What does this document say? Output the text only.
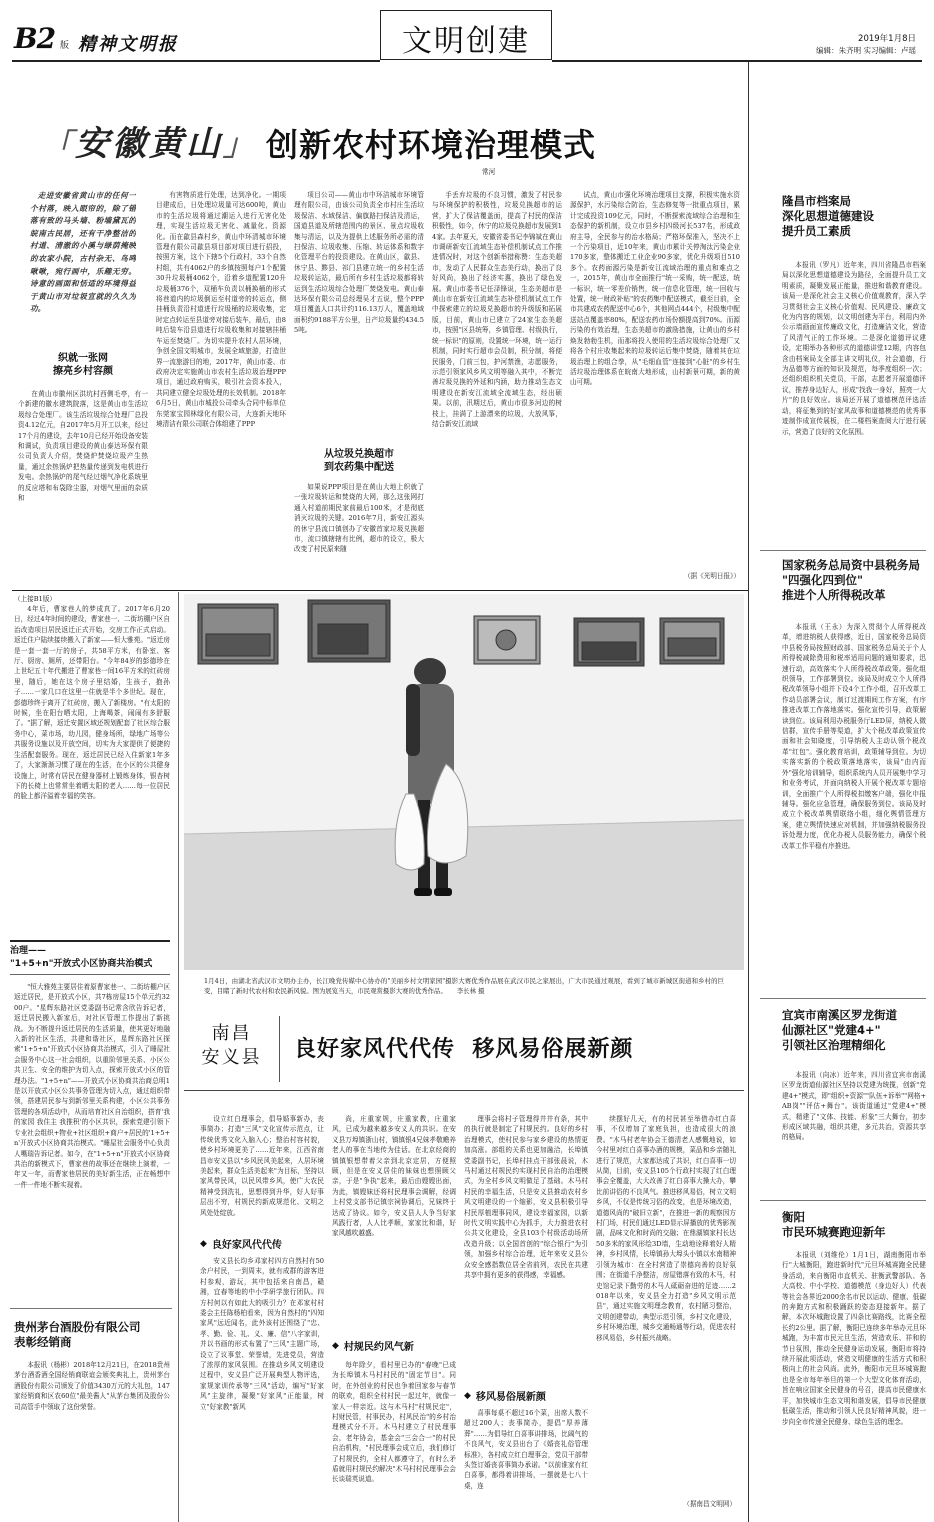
B2 版 精神文明报	文明创建	2019年1月8日
编辑：朱齐明 实习编辑：卢瑶
「安徽黄山」 创新农村环境治理模式
常河

走进安徽省黄山市的任何一个村落，映入眼帘的，除了错落有致的马头墙、粉墙黛瓦的皖南古民居，还有干净整洁的村道、清澈的小溪与绿荫掩映的农家小院，古村杂无、鸟鸣啾啾，宛行画中，乐趣无穷。诗意的画面和恬适的环境得益于黄山市对垃圾宣就的久久为功。

织就一张网
擦亮乡村容颜

在黄山市徽州区洪坑村西侧毛亭，有一个新建的徽水建筑院落，这是黄山市生活垃圾综合处理厂。该生活垃圾综合处理厂总投资4.12亿元，自2017年5月开工以来，经过17个月的建设，去年10月已经开始设备安装和调试，负责项目建设的黄山泰达环保有限公司负责人介绍，焚烧炉焚烧垃圾产生热量，通过余热锅炉把热量传递到发电机进行发电。余热锅炉的尾气经过烟气净化系统里的反应塔和布袋除尘器，对烟气里面的杂质和

有害物质进行处理，达到净化。一期项目建成后，日处理垃圾量可达600吨，黄山市的生活垃圾将通过潮运入进行无害化处理，实现生活垃圾无害化、减量化、资源化。而在歙县森村乡，黄山中环清城市环境管理有限公司歙县项目部对项目进行招投，按照方案，这个下辖5个行政村，33个自然村组，共有4062户的乡镇按照每户1个配置30升垃圾桶4062个，沿着乡道配置120升垃圾桶376个，双桶车负责以桶换桶的形式将巷道内的垃圾倒运至村道旁的转运点，侧挂桶负责沿村道进行垃圾桶的垃圾收集，定时定点转运至县道旁对接后装车，最后，由8吨后装车沿县道进行垃圾收集和对接辖挂桶车运至焚烧厂。为切实提升农村人居环境，争创全国文明城市，发展全域旅游，打造世界一流旅游目的地，2017年，黄山市委、市政府决定实施黄山市农村生活垃圾治理PPP项目，通过政府购买，吸引社会资本投入，共同建立健全垃圾处理的长效机制。2018年6月5日，黄山市城投公司牵头合同中标单位东莞家宝园林绿化有限公司，大连新天地环境清洁有限公司联合体组建了PPP

项目公司——黄山市中环洁城市环境管理有限公司，由该公司负责全市村庄生活垃圾保洁、水域保洁、偏旗路扫保洁及清运，国道县道及所辖范围内的景区、景点垃圾收集与清运，以及为提供上述服务所必需的清扫保洁、垃圾收集、压缩、转运体系和数字化管理平台的投资建设。在黄山区，歙县、休宁县、黟县、祁门县建立统一的乡村生活垃圾转运站，最后所有乡村生活垃圾都将转运到生活垃圾综合处理厂焚烧发电。黄山泰达环保有限公司总经理吴才五说，整个PPP项目覆盖人口共计约116.13万人，覆盖地域面积约9188平方公里，日产垃圾量约434.55吨。

从垃圾兑换超市
到农药集中配送

如果说PPP项目是在黄山大地上织就了一张垃圾转运和焚烧的大网，那么这张网打通入村道前期民家前最后100米，才是彻底消灭垃圾的关键。2016年7月，新安江源头的休宁县流口镇创办了安徽首家垃圾兑换超市，流口镇辖辖有比例，超市的设立，极大改变了村民原来随

手丢弃垃圾的不良习惯，激发了村民参与环境保护的积极性，垃圾兑换超市的运营，扩大了保洁覆盖面，提高了村民的保洁积极性，如今，休宁的垃圾兑换超市发展到14家。去年夏天，安徽省委书记李锦斌在黄山市调研新安江流域生态补偿机制试点工作推进情况时，对这个创新举措称赞：生态美超市，发动了人民群众生态美行动，换出了良好风尚，换出了经济实惠，换出了绿色发展。黄山市委书记任泽锋说，生态美超市是黄山市在新安江流域生态补偿机制试点工作中探索建立的垃圾兑换超市的升级版和拓展版，目前，黄山市已建立了24家生态美超市，按照"区县统筹，乡镇管理、村级执行，统一标识"的原则，设置统一环境，统一运行机制，同时实行超市会员制，积分制，将便民服务，门前三包，护河禁渔，志愿服务，示范引领家风乡风文明等融入其中，不断完善垃圾兑换的外延和内涵，助力推动生态文明建设在新安江流域全流域生态，经出硕果。以前，汛期过后，黄山市很多河边的树枝上，挂满了上游漂来的垃圾，大放风筝，结合新安江流域

试点，黄山市强化环境治理项目支撑，积极实施水资源保护，水污染综合防治，生态修复等一批重点项目，累计完成投资109亿元，同时，不断探索流域综合治理和生态保护的新机制，设立市县乡村四级河长537名，形成政府主导，全民参与的治水格局；严格环保准入，坚决不上一个污染项目，近10年来，黄山市累计关停淘汰污染企业170多家，整体搬迁工业企业90多家，优化升级项目510多个。农药面源污染是新安江流域治理的重点和难点之一，2015年，黄山市全面推行"统一采购，统一配送，统一标识，统一零差价销售，统一信息化管理，统一回收与处置，统一财政补贴"的农药集中配送模式，截至目前，全市共建成农药配送中心6个，其他网点444个，村级集中配送站点覆盖率80%，配送农药市场份额提高到70%。而源污染的有效治理，生态美超市的激励措施，让黄山的乡村焕发勃勃生机，而那将投入使用的生活垃圾综合处理厂又将各个村庄收集起来的垃圾转运后集中焚烧，随着其在垃圾治理上的组合拳，从"毛细血管"连接到"心脏"的乡村生活垃圾治理体系在皖南大地形成，山村新景可期，新的黄山可期。

（据《光明日报》）
隆昌市档案局
深化思想道德建设
提升员工素质

本报讯（罗凡）近年来，四川省隆昌市档案局以深化思想道德建设为路径，全面提升员工文明素质，凝聚发展正能量，推进和谐教育建设。该局一是深化社会主义核心价值观教育，深入学习贯彻社会主义核心价值观、民风建设、廉政文化为内容的规划，以文明创建为平台，利用内外公示墙画面宣传廉政文化，打造廉洁文化，营造了风清气正的工作环境。二是深化道德评议建设，定期举办各种形式的道德讲堂12期，内容包含由档案局支全部主讲文明礼仪，社会道德，行为品德等方面的知识及规范，每季度组织一次；还组织组织机关党员，干部，志愿者开展道德评议，推荐身边好人，形成"找我一身好，照亮一大片"的良好效应。该局还开展了道德模范评选活动，将征集到的好家风故事和道德模范的优秀事迹制作成宣传展板，在二楼档案查阅大厅进行展示，营造了良好的文化氛围。

国家税务总局资中县税务局
"四强化四到位"
推进个人所得税改革

本报讯（王永）为深入贯彻个人所得税改革，增进纳税人获得感，近日，国家税务总局资中县税务局按照财政部、国家税务总局关于个人所得税减除费用和税率适用问题的通知要求，迅速行动，高效落实个人所得税改革政策。强化组织领导，工作部署到位。该局及时成立个人所得税改革领导小组并下设4个工作小组，召开改革工作动员部署会议，制订过渡期间工作方案，有序推进改革工作落地落实。强化宣传引导，政策解读到位。该局利用办税服务厅LED屏，纳税人微信群，宣传手册等渠道，扩大个税改革政策宣传面和社会知晓度，引导纳税人主动认领个税改革"红包"。强化教育培训，政策辅导到位。为切实落实新的个税政策落地落实，该局"由内而外"强化培训辅导，组织系统内人员开展集中学习和业务考试，并面向纳税人开展个税改革专题培训，全面推广个人所得税扣缴客户端，强化申报辅导。强化应急管理，确保服务到位。该局及时成立个税改革舆情联络小组，细化舆情管理方案，建立舆情快速应对机制，并加强纳税服务投诉处理力度，优化办税人员服务能力，确保个税改革工作平稳有序推进。

宜宾市南溪区罗龙街道
仙源社区"党建4+"
引领社区治理精细化

本报讯（向冰）近年来，四川省宜宾市南溪区罗龙街道仙源社区坚持以党建为统揽，创新"党建4+"模式，即"组织+资源""队伍+诉举""网格+AB岗""评估+舞台"。该街道通过"党建4+"模式，精建了"文体、技能、形象"三大舞台，初步形成区域共融，组织共建，多元共治，资源共享的格局。

衡阳
市民环城赛跑迎新年

本报讯（刘维伦）1月1日，湖南衡阳市举行"大城衡阳，跑进新时代"元旦环城赛跑全民健身活动，来自衡阳市直机关、驻衡武警部队、各大高校、中小学校、道德模范（身边好人）代表等社会各界近2000余名市民以运动、健康、低碳的奔跑方式和积极踊跃的姿态迎接新年。据了解，本次环城跑设置了四条比赛路线，比赛全程长约2公里。据了解，衡阳已连续多年举办元旦环城跑，为丰富市民元旦生活，营造欢乐、祥和的节日氛围，推动全民健身运动发展，衡阳市将持续开展此项活动，营造文明健康的生活方式和积极向上的社会风尚。此外，衡阳市元旦环城赛跑也是全市每年举旦的第一个大型文化体育活动，旨在响应国家全民健身的号召，提高市民健康水平，加快城市生态文明和谐发展，倡导市民健康低碳生活，推动和引领人民良好精神风貌，进一步向全市传递全民健身、绿色生活的理念。

（上接B1版）

4年后，曹家巷人的梦成真了。2017年6月20日，经过4年时间的建设，曹家巷一、二街坊棚户区自治改造项目居民返迁正式开始，交房工作正式启动。返迁住户陆续接续搬入了新家——恒大雅苑。"返迁房是一套一套一厅的房子，共58平方米，有卧室、客厅、厨房、厕所，还带阳台。"今年84岁的彭德珍在上世纪五十年代搬进了曹家巷一间16平方米的红砖房里，随后，她在这个房子里结婚，生孩子，抱孙子……一家几口在这里一住就是半个多世纪。现在，彭德珍终于离开了红砖房，搬入了新楼房。"有太阳的时候，坐在阳台晒太阳，上海喝茶，闹闹有多舒服了。"据了解，返迁安置区域还规划配套了社区综合服务中心，菜市场，幼儿园，健身场所，绿地广场等公共服务设施以及开放空间，切实为大家提供了便捷的生活配套服务。现在，返迁居民已经入住新家1年多了，大家渐渐习惯了现在的生活，在小区的公共健身设施上，时常有居民在健身器材上锻炼身体，银杏树下的长椅上也常常坐着晒太阳的老人……每一位居民的脸上都洋溢着幸福的笑容。

治理——
"1+5+n"开放式小区协商共治模式

"恒大雅苑主要居住着原曹家巷一、二街坊棚户区返迁居民，是开放式小区，共7栋房屋15个单元约3200户。"星辉东路社区党委副书记常含欣告诉记者，返迁居民搬入新家后，对社区管理工作提出了新挑战。为不断提升返迁居民的生活质量，使其更好地融入新的社区生活，共建和谐社区，星辉东路社区探索"1+5+n"开放式小区协商共治模式，引入了睡屋社会服务中心这一社会组织，以重阶邻里关系、小区公共卫生、安全的维护为切入点，探索开放式小区的管理办法。"1+5+n"——开放式小区协商共治商总明1是以开放式小区公共事务管理为切入点，通过组织带领，搭建居民参与到新邻里关系构建，小区公共事务管理的各项活动中，从而培育社区自治组织，搭育'我的家园 我住主 我推积'的小区共识，探索党建引领下专业社会组织+物业+社区组织+商户+居民的'1+5+n'开放式小区协商共治模式。"睡屋社会服务中心负责人嘴瑞告诉记者。如今，在"1+5+n"开放式小区协商共治的新模式下，曹家巷的故事还在继续上演着，一年又一年，而曹家巷居民的美好新生活，正在畅想中一件一件地不断实现着。

贵州茅台酒股份有限公司
表彰经销商

本报讯（杨彬）2018年12月21日，在2018贵州茅台酒香酒全国经销商联谊会颁奖典礼上，贵州茅台酒股份有限公司颁发了价值3430万元的大礼包，147家经销商和区农60位"最美酱人"从茅台集团及股份公司高管手中领取了这份荣誉。

1月4日，由湖北省武汉市文明办主办，长江晚党传媒中心协办的"美丽乡村文明家园"摄影大赛优秀作品展在武汉市民之家展出，广大市民通过观展，看到了城市新城区街道和乡村的巨变，目睹了新时代农村和农民新风貌。图为展览当天，市民观赏摄影大赛的优秀作品。 李长林 摄
南昌
安义县	良好家风代代传  移风易俗展新颜

设立红白理事会，倡导婚事新办，丧事简办；打造"三风"文化宣传示范点，让传统优秀文化入脑入心；整治村容村貌，使乡村环境更美了……近年来，江西省南昌市安义县以"乡风民风美起来，人居环境美起来，群众生活美起来"为目标，坚持以家风带民风，以民风带乡风，使广大农民精神受到洗礼，思想得到升华，好人好事层出不穷，村规民约新成规范化、文明之风处处绽放。

◆ 良好家风代代传

安义县长均乡邓家村四方自然村有50余户村民，一到周末，就有成群的游客进村参观，游玩，其中包括来自南昌，赣湘，宜春等地的中小学研学旅行团队。四方村何以有如此大的吸引力？在邓家村村委会主任陈杨柏看来，因为自然村的"四知家风"远近闻名，此外该村还围绕了"忠、孝、勤、俭、礼、义、廉、信"八字家训，并以书画的形式布置了"三风"主题广场，设立了议事堂、荣誉墙，先进党员，营造了浓厚的家风氛围。在推动乡风文明建设过程中，安义县广泛开展典型人物评选，家规家训传承等"三风"活动，编写"好家风"主旋律，凝聚"好家风"正能量，树立"好家教"新风

尚，庄重家规，庄重家教，庄重家风，已成为越来越多安义人的共识。在安义县万埠镇浙山村，镇镇银4兄妹孝敬赡养老人的事在当地传为佳话。在北京经商的镇镇银想带着父亲到北京定居，方便照顾，但是在安义居住的妹妹也想照顾父亲，于是"争执"起来，最后由嫂嫂出面，为此，镇嫂妹还将村民理事会调解，经调上村党支部书记镇宗祠协调后，兄妹终于达成了协议。如今，安义县人人争当好家风践行者，人人比孝顺，家家比和谐，好家风越吹越盛。

◆ 村规民约风气新

每年除夕，看村里已办的"春晚"已成为长埠镇木马村村民的"固定节目"。同时，在外创业的村民也争着回家参与春节的联欢，组织全村村民一起过年，就像一家人一样亲近。这与木马村"村规民定"，村财民管，村事民办，村风民治"的乡村治理模式分不开。木马村建立了村民理事会，老年协会，基金会"三会合一"的村民自治机构，"村民理事会成立后，我们修订了村规民约，全村人都遵守了，有时么矛盾就用村规民约解决"木马村村民理事会会长谈瑞英说道。

理事会将村子管理得井井有条，其中的执行就是制定了村规民约。良好的乡村治理模式，使村民参与家乡建设的热情更加高涨。部组的关系也更加融洽，长埠镇党委副书记，长埠村挂点干部张晨说，木马村通过村规民约实现村民自治的治理模式，为全村乡风文明做足了基础。木马村村民的幸福生活，只是安义县推动农村乡风文明建设的一个缩影，安义县积极引导村民厚植理事同风，建设幸福家园，以新时代文明实践中心为抓手，大力推进农村公共文化建设，全县103个村级活动场所改造升级；以全国首创的"综合银行"为引领，加强乡村综合治理，近年来安义县公众安全感指数位居全省前列，农民在共建共享中拥有更多的获得感，幸福感。

◆ 移风易俗展新颜

喜事每桌不超过16个菜，出席人数不超过200人；丧事简办，提倡"厚养薄葬"……为倡导红白喜事讲排场，比阔气的不良风气，安义县出台了《婚丧礼俗管理标准》，各村成立红白理事会，党员干部带头签订婚丧喜事简办承诺。"以前谁家有红白喜事，都得着讲排场，一摆就是七八十桌，连

续摆好几天，有的村民甚至举借办红白喜事，不仅增加了家庭负担，也造成很大的浪费。"木马村老年协会王德清老人感慨地说，如今村里对红白喜事办酒的规模，菜品和乡亲随礼进行了规范，大家都达成了共识，红白喜事一切从简，目前，安义县105个行政村实现了红白理事会全覆盖，大大改善了红白喜事大操大办，攀比前讲俗的不良风气。推进移风易俗，树立文明乡风，不仅是传统习俗的改变，也是环境改造，道德风尚的"破旧立新"，在推进一新的观察因方村门场，村民们通过LED显示屏播放的优秀影视剧，品味文化和时尚的交融；在鼎湖镇家村长达50多米的家风形绘3D墙，生动地诠释着好人精神，乡村风情，长埠镇孙大埠头小镇以水南精神引领为城市：在全村营造了崇德向善的良好氛围；在街道千净整洁，房屋错落有致的木马，村史馆记录下勤劳的木马人砥砺奋进的足迹……2018年以来，安义县全力打造"乡风文明示范县"，通过实施文明理念教育，农村陋习整治，文明创建带动，典型示范引领，乡村文化建设，乡村环境治理，城乡交通畅通等行动，促进农村移风易俗，乡村振兴战略。

（据南昌文明网）
